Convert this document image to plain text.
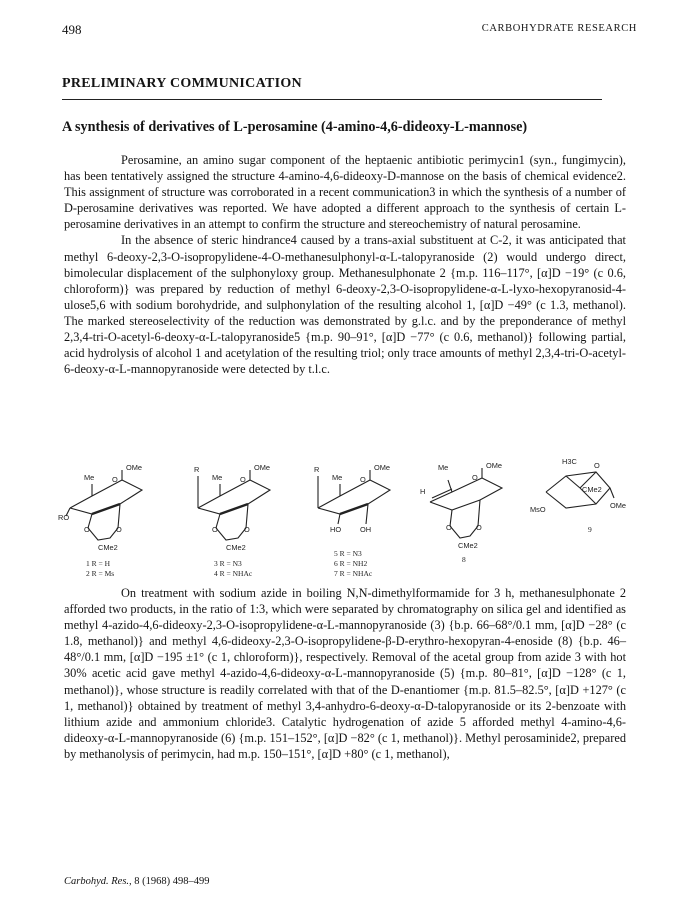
498	CARBOHYDRATE RESEARCH
PRELIMINARY COMMUNICATION
A synthesis of derivatives of L-perosamine (4-amino-4,6-dideoxy-L-mannose)

Perosamine, an amino sugar component of the heptaenic antibiotic perimycin1 (syn., fungimycin), has been tentatively assigned the structure 4-amino-4,6-dideoxy-D-mannose on the basis of chemical evidence2. This assignment of structure was corroborated in a recent communication3 in which the synthesis of a number of D-perosamine derivatives was reported. We have adopted a different approach to the synthesis of certain L-perosamine derivatives in an attempt to confirm the structure and stereochemistry of natural perosamine.

In the absence of steric hindrance4 caused by a trans-axial substituent at C-2, it was anticipated that methyl 6-deoxy-2,3-O-isopropylidene-4-O-methanesulphonyl-α-L-talopyranoside (2) would undergo direct, bimolecular displacement of the sulphonyloxy group. Methanesulphonate 2 {m.p. 116–117°, [α]D −19° (c 0.6, chloroform)} was prepared by reduction of methyl 6-deoxy-2,3-O-isopropylidene-α-L-lyxo-hexopyranosid-4-ulose5,6 with sodium borohydride, and sulphonylation of the resulting alcohol 1, [α]D −49° (c 1.3, methanol). The marked stereoselectivity of the reduction was demonstrated by g.l.c. and by the preponderance of methyl 2,3,4-tri-O-acetyl-6-deoxy-α-L-talopyranoside5 {m.p. 90–91°, [α]D −77° (c 0.6, methanol)} following partial, acid hydrolysis of alcohol 1 and acetylation of the resulting triol; only trace amounts of methyl 2,3,4-tri-O-acetyl-6-deoxy-α-L-mannopyranoside were detected by t.l.c.

OMe
O
Me
RO
O	O
CMe2
1 R = H
2 R = Ms
OMe
O
Me
R
O	O
CMe2
3 R = N3
4 R = NHAc
OMe
O
Me
R
HO	OH
5 R = N3
6 R = NH2
7 R = NHAc
Me
O
OMe
H
O	O
CMe2
8
H3C O
CMe2
MsO	OMe
9

On treatment with sodium azide in boiling N,N-dimethylformamide for 3 h, methanesulphonate 2 afforded two products, in the ratio of 1:3, which were separated by chromatography on silica gel and identified as methyl 4-azido-4,6-dideoxy-2,3-O-isopropylidene-α-L-mannopyranoside (3) {b.p. 66–68°/0.1 mm, [α]D −28° (c 1.8, methanol)} and methyl 4,6-dideoxy-2,3-O-isopropylidene-β-D-erythro-hexopyran-4-enoside (8) {b.p. 46–48°/0.1 mm, [α]D −195 ±1° (c 1, chloroform)}, respectively. Removal of the acetal group from azide 3 with hot 30% acetic acid gave methyl 4-azido-4,6-dideoxy-α-L-mannopyranoside (5) {m.p. 80–81°, [α]D −128° (c 1, methanol)}, whose structure is readily correlated with that of the D-enantiomer {m.p. 81.5–82.5°, [α]D +127° (c 1, methanol)} obtained by treatment of methyl 3,4-anhydro-6-deoxy-α-D-talopyranoside or its 2-benzoate with lithium azide and ammonium chloride3. Catalytic hydrogenation of azide 5 afforded methyl 4-amino-4,6-dideoxy-α-L-mannopyranoside (6) {m.p. 151–152°, [α]D −82° (c 1, methanol)}. Methyl perosaminide2, prepared by methanolysis of perimycin, had m.p. 150–151°, [α]D +80° (c 1, methanol),

Carbohyd. Res., 8 (1968) 498–499
